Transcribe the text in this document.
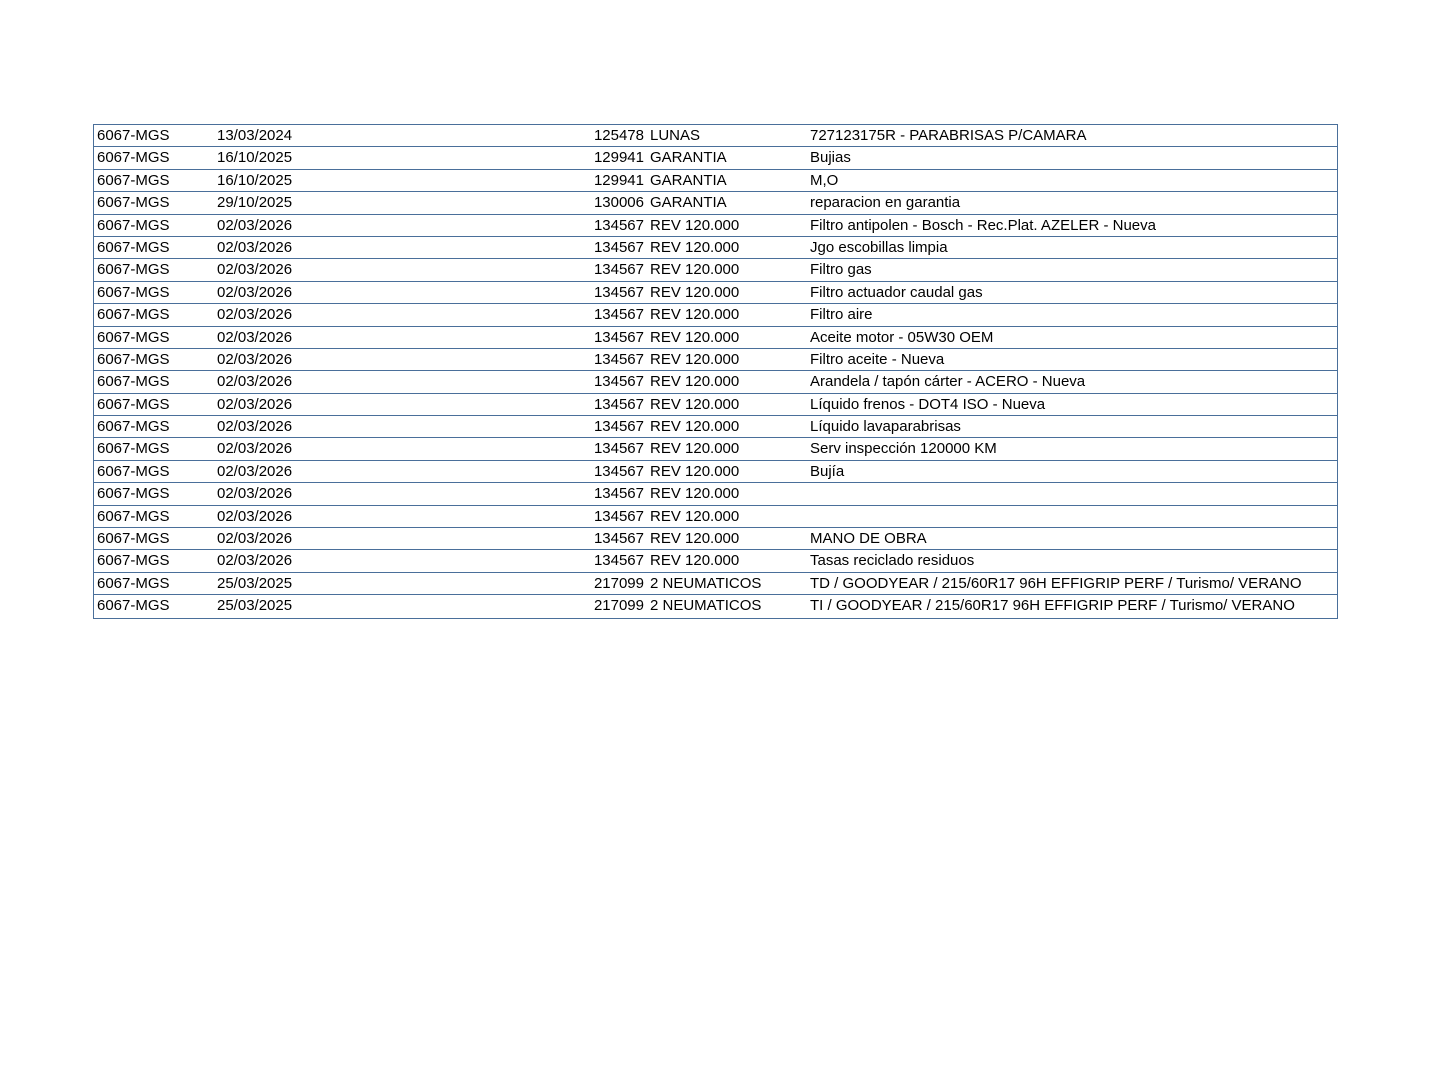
6067-MGS	13/03/2024	125478 LUNAS	727123175R - PARABRISAS P/CAMARA
6067-MGS	16/10/2025	129941 GARANTIA	Bujias
6067-MGS	16/10/2025	129941 GARANTIA	M,O
6067-MGS	29/10/2025	130006 GARANTIA	reparacion en garantia
6067-MGS	02/03/2026	134567 REV 120.000	Filtro antipolen - Bosch - Rec.Plat. AZELER - Nueva
6067-MGS	02/03/2026	134567 REV 120.000	Jgo escobillas limpia
6067-MGS	02/03/2026	134567 REV 120.000	Filtro gas
6067-MGS	02/03/2026	134567 REV 120.000	Filtro actuador caudal gas
6067-MGS	02/03/2026	134567 REV 120.000	Filtro aire
6067-MGS	02/03/2026	134567 REV 120.000	Aceite motor - 05W30 OEM
6067-MGS	02/03/2026	134567 REV 120.000	Filtro aceite - Nueva
6067-MGS	02/03/2026	134567 REV 120.000	Arandela / tapón cárter - ACERO - Nueva
6067-MGS	02/03/2026	134567 REV 120.000	Líquido frenos - DOT4 ISO - Nueva
6067-MGS	02/03/2026	134567 REV 120.000	Líquido lavaparabrisas
6067-MGS	02/03/2026	134567 REV 120.000	Serv inspección 120000 KM
6067-MGS	02/03/2026	134567 REV 120.000	Bujía
6067-MGS	02/03/2026	134567 REV 120.000
6067-MGS	02/03/2026	134567 REV 120.000
6067-MGS	02/03/2026	134567 REV 120.000	MANO DE OBRA
6067-MGS	02/03/2026	134567 REV 120.000	Tasas reciclado residuos
6067-MGS	25/03/2025	217099 2 NEUMATICOS	TD / GOODYEAR / 215/60R17 96H EFFIGRIP PERF / Turismo/ VERANO
6067-MGS	25/03/2025	217099 2 NEUMATICOS	TI / GOODYEAR / 215/60R17 96H EFFIGRIP PERF / Turismo/ VERANO
